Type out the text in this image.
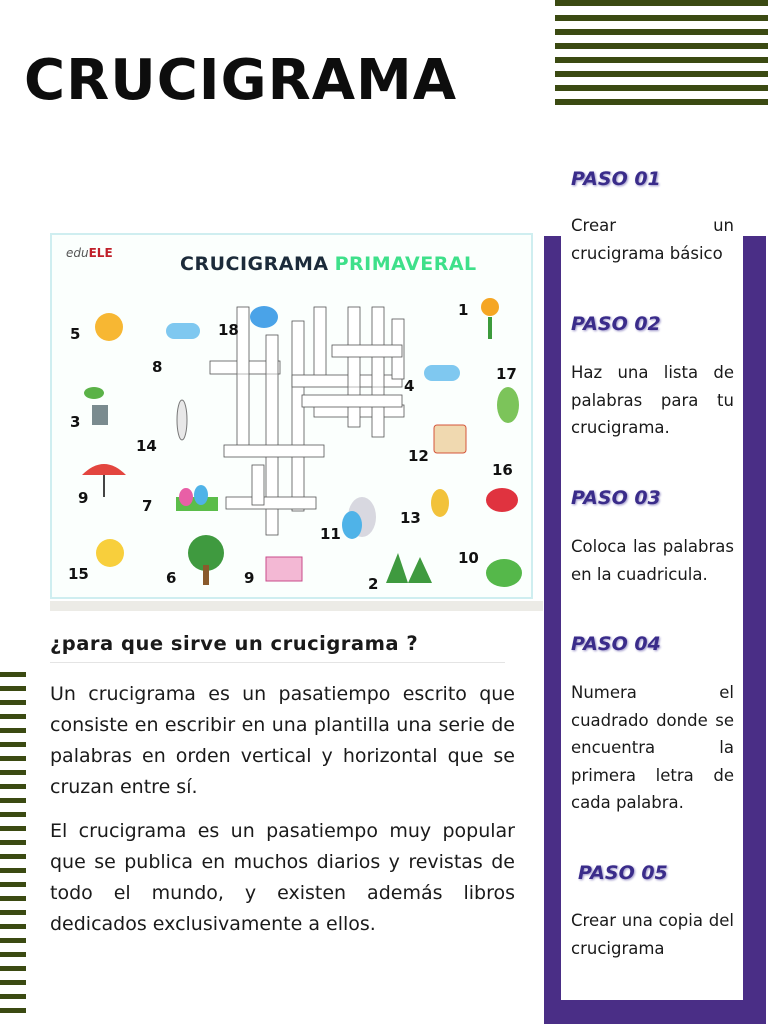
CRUCIGRAMA
PASO 01
Crear un crucigrama básico
PASO 02
Haz una lista de palabras para tu crucigrama.
PASO 03
Coloca las palabras en la cuadricula.
PASO 04
Numera el cuadrado donde se encuentra la primera letra de cada palabra.
PASO 05
Crear una copia del crucigrama
eduELE	CRUCIGRAMA PRIMAVERAL
5
8
18
1
17
4
3
14
12
16
9	7
13
11
10
15	6	9	2
¿para que sirve un crucigrama ?

Un crucigrama es un pasatiempo escrito que consiste en escribir en una plantilla una serie de palabras en orden vertical y horizontal que se cruzan entre sí.

El crucigrama es un pasatiempo muy popular que se publica en muchos diarios y revistas de todo el mundo, y existen además libros dedicados exclusivamente a ellos.
